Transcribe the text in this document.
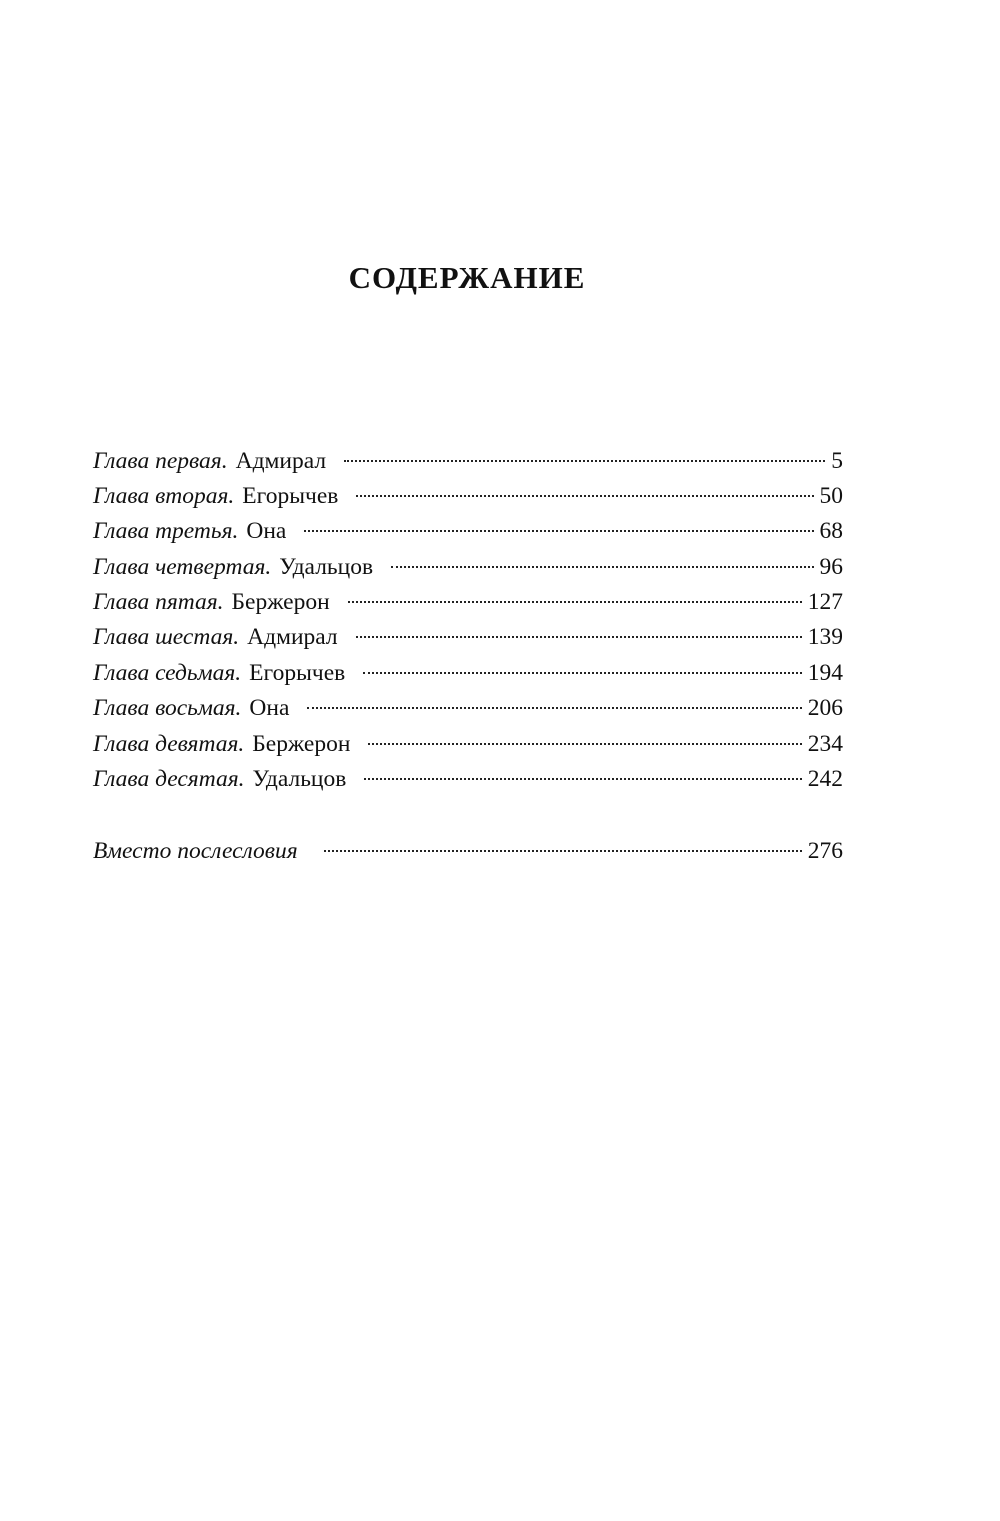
СОДЕРЖАНИЕ
Глава первая. Адмирал	5
Глава вторая. Егорычев	50
Глава третья. Она	68
Глава четвертая. Удальцов	96
Глава пятая. Бержерон	127
Глава шестая. Адмирал	139
Глава седьмая. Егорычев	194
Глава восьмая. Она	206
Глава девятая. Бержерон	234
Глава десятая. Удальцов	242
Вместо послесловия	276
